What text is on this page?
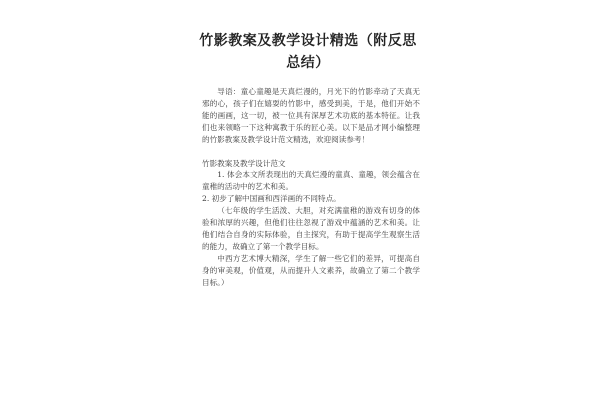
竹影教案及教学设计精选（附反思
总结）

导语：童心童趣是天真烂漫的，月光下的竹影牵动了天真无邪的心，孩子们在嬉耍的竹影中，感受到美，于是，他们开始不能的画画，这一切，被一位具有深厚艺术功底的基本特征。让我们也来领略一下这种寓教于乐的匠心美。以下是品才网小编整理的竹影教案及教学设计范文精选，欢迎阅读参考！

竹影教案及教学设计范文

1. 体会本文所表现出的天真烂漫的童真、童趣，领会蕴含在童稚的活动中的艺术和美。

2. 初步了解中国画和西洋画的不同特点。

（七年级的学生活泼、大胆，对充满童稚的游戏有切身的体验和浓厚的兴趣，但他们往往忽视了游戏中蕴涵的艺术和美。让他们结合自身的实际体验，自主探究，有助于提高学生观察生活的能力，故确立了第一个教学目标。

中西方艺术博大精深，学生了解一些它们的差异，可提高自身的审美观，价值观，从而提升人文素养，故确立了第二个教学目标。）
